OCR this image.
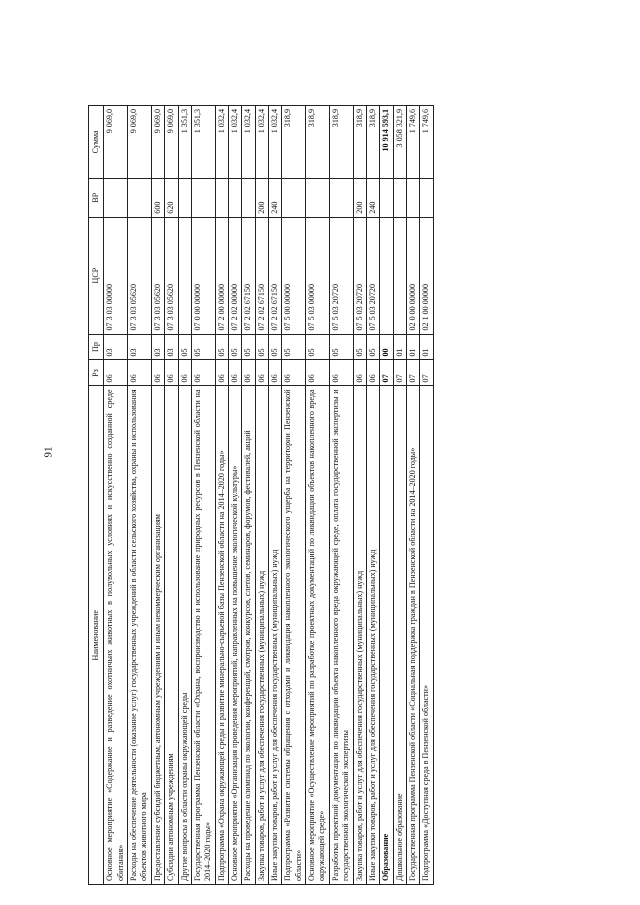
91
Наименование	Рз	Пр	ЦСР	ВР	Сумма
Основное мероприятие «Содержание и разведение охотничьих животных в полувольных условиях и искусственно созданной среде обитания»	06	03	07 3 03 00000		9 069,0
Расходы на обеспечение деятельности (оказание услуг) государственных учреждений в области сельского хозяйства, охраны и использования объектов животного мира	06	03	07 3 03 05620		9 069,0
Предоставление субсидий бюджетным, автономным учреждениям и иным некоммерческим организациям	06	03	07 3 03 05620	600	9 069,0
Субсидии автономным учреждениям	06	03	07 3 03 05620	620	9 069,0
Другие вопросы в области охраны окружающей среды	06	05			1 351,3
Государственная программа Пензенской области «Охрана, воспроизводство и использование природных ресурсов в Пензенской области на 2014–2020 годы»	06	05	07 0 00 00000		1 351,3
Подпрограмма «Охрана окружающей среды и развитие минерально-сырьевой базы Пензенской области на 2014–2020 годы»	06	05	07 2 00 00000		1 032,4
Основное мероприятие «Организация проведения мероприятий, направленных на повышение экологической культуры»	06	05	07 2 02 00000		1 032,4
Расходы на проведение олимпиад по экологии, конференций, смотров, конкурсов, слетов, семинаров, форумов, фестивалей, акций	06	05	07 2 02 67150		1 032,4
Закупка товаров, работ и услуг для обеспечения государственных (муниципальных) нужд	06	05	07 2 02 67150	200	1 032,4
Иные закупки товаров, работ и услуг для обеспечения государственных (муниципальных) нужд	06	05	07 2 02 67150	240	1 032,4
Подпрограмма «Развитие системы обращения с отходами и ликвидация накопленного экологического ущерба на территории Пензенской области»	06	05	07 5 00 00000		318,9
Основное мероприятие «Осуществление мероприятий по разработке проектных документаций по ликвидации объектов накопленного вреда окружающей среде»	06	05	07 5 03 00000		318,9
Разработка проектной документации по ликвидации объекта накопленного вреда окружающей среде, оплата государственной экспертизы и государственной экологической экспертизы	06	05	07 5 03 20720		318,9
Закупка товаров, работ и услуг для обеспечения государственных (муниципальных) нужд	06	05	07 5 03 20720	200	318,9
Иные закупки товаров, работ и услуг для обеспечения государственных (муниципальных) нужд	06	05	07 5 03 20720	240	318,9
Образование	07	00			10 914 593,1
Дошкольное образование	07	01			3 058 321,9
Государственная программа Пензенской области «Социальная поддержка граждан в Пензенской области на 2014–2020 годы»	07	01	02 0 00 00000		1 749,6
Подпрограмма «Доступная среда в Пензенской области»	07	01	02 1 00 00000		1 749,6
